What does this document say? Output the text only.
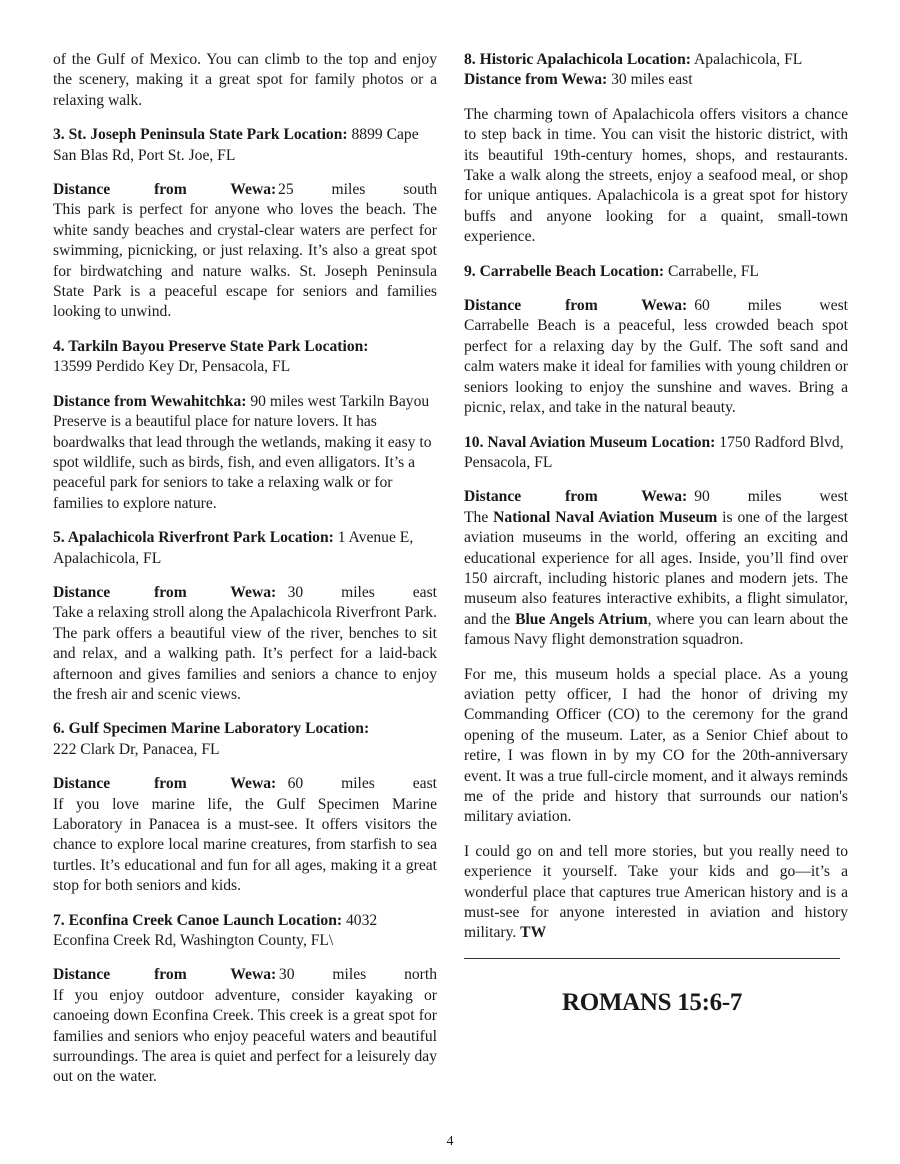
of the Gulf of Mexico. You can climb to the top and enjoy the scenery, making it a great spot for family photos or a relaxing walk.

3. St. Joseph Peninsula State Park Location: 8899 Cape San Blas Rd, Port St. Joe, FL

Distance from Wewa: 25 miles south
This park is perfect for anyone who loves the beach. The white sandy beaches and crystal-clear waters are perfect for swimming, picnicking, or just relaxing. It’s also a great spot for birdwatching and nature walks. St. Joseph Peninsula State Park is a peaceful escape for seniors and families looking to unwind.

4. Tarkiln Bayou Preserve State Park Location:
13599 Perdido Key Dr, Pensacola, FL

Distance from Wewahitchka: 90 miles west Tarkiln Bayou Preserve is a beautiful place for nature lovers. It has boardwalks that lead through the wetlands, making it easy to spot wildlife, such as birds, fish, and even alligators. It’s a peaceful park for seniors to take a relaxing walk or for families to explore nature.

5. Apalachicola Riverfront Park Location: 1 Avenue E, Apalachicola, FL

Distance from Wewa: 30 miles east
Take a relaxing stroll along the Apalachicola Riverfront Park. The park offers a beautiful view of the river, benches to sit and relax, and a walking path. It’s perfect for a laid-back afternoon and gives families and seniors a chance to enjoy the fresh air and scenic views.

6. Gulf Specimen Marine Laboratory Location:
222 Clark Dr, Panacea, FL

Distance from Wewa: 60 miles east
If you love marine life, the Gulf Specimen Marine Laboratory in Panacea is a must-see. It offers visitors the chance to explore local marine creatures, from starfish to sea turtles. It’s educational and fun for all ages, making it a great stop for both seniors and kids.

7. Econfina Creek Canoe Launch Location: 4032 Econfina Creek Rd, Washington County, FL\

Distance from Wewa: 30 miles north
If you enjoy outdoor adventure, consider kayaking or canoeing down Econfina Creek. This creek is a great spot for families and seniors who enjoy peaceful waters and beautiful surroundings. The area is quiet and perfect for a leisurely day out on the water.

8. Historic Apalachicola Location: Apalachicola, FL Distance from Wewa: 30 miles east

The charming town of Apalachicola offers visitors a chance to step back in time. You can visit the historic district, with its beautiful 19th-century homes, shops, and restaurants. Take a walk along the streets, enjoy a seafood meal, or shop for unique antiques. Apalachicola is a great spot for history buffs and anyone looking for a quaint, small-town experience.

9. Carrabelle Beach Location: Carrabelle, FL

Distance from Wewa: 60 miles west
Carrabelle Beach is a peaceful, less crowded beach spot perfect for a relaxing day by the Gulf. The soft sand and calm waters make it ideal for families with young children or seniors looking to enjoy the sunshine and waves. Bring a picnic, relax, and take in the natural beauty.

10. Naval Aviation Museum Location: 1750 Radford Blvd, Pensacola, FL

Distance from Wewa: 90 miles west
The National Naval Aviation Museum is one of the largest aviation museums in the world, offering an exciting and educational experience for all ages. Inside, you’ll find over 150 aircraft, including historic planes and modern jets. The museum also features interactive exhibits, a flight simulator, and the Blue Angels Atrium, where you can learn about the famous Navy flight demonstration squadron.

For me, this museum holds a special place. As a young aviation petty officer, I had the honor of driving my Commanding Officer (CO) to the ceremony for the grand opening of the museum. Later, as a Senior Chief about to retire, I was flown in by my CO for the 20th-anniversary event. It was a true full-circle moment, and it always reminds me of the pride and history that surrounds our nation's military aviation.

I could go on and tell more stories, but you really need to experience it yourself. Take your kids and go—it’s a wonderful place that captures true American history and is a must-see for anyone interested in aviation and history military. TW

ROMANS 15:6-7
4
